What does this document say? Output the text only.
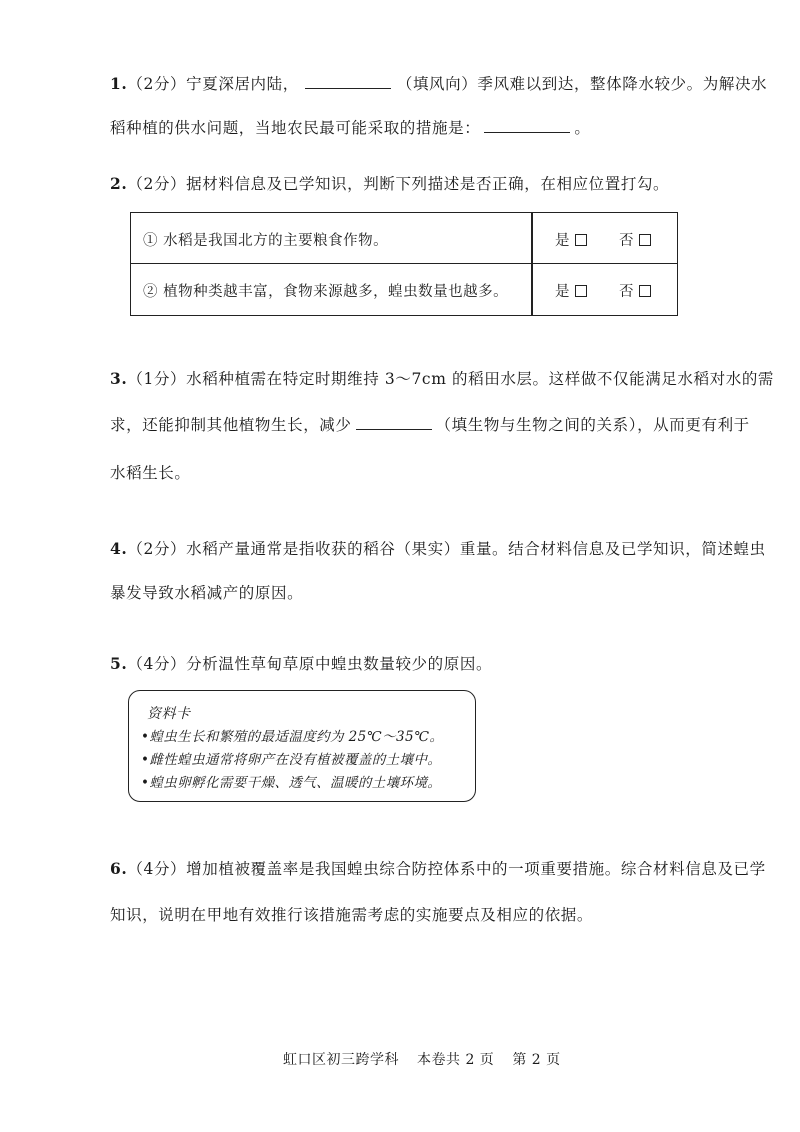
1.（2分）宁夏深居内陆，	（填风向）季风难以到达，整体降水较少。为解决水
稻种植的供水问题，当地农民最可能采取的措施是：	。
2.（2分）据材料信息及已学知识，判断下列描述是否正确，在相应位置打勾。
① 水稻是我国北方的主要粮食作物。	是	否
② 植物种类越丰富，食物来源越多，蝗虫数量也越多。	是	否
3.（1分）水稻种植需在特定时期维持 3～7cm 的稻田水层。这样做不仅能满足水稻对水的需
求，还能抑制其他植物生长，减少	（填生物与生物之间的关系），从而更有利于
水稻生长。
4.（2分）水稻产量通常是指收获的稻谷（果实）重量。结合材料信息及已学知识，简述蝗虫
暴发导致水稻减产的原因。
5.（4分）分析温性草甸草原中蝗虫数量较少的原因。
资料卡
•蝗虫生长和繁殖的最适温度约为 25℃～35℃。
•雌性蝗虫通常将卵产在没有植被覆盖的土壤中。
•蝗虫卵孵化需要干燥、透气、温暖的土壤环境。
6.（4分）增加植被覆盖率是我国蝗虫综合防控体系中的一项重要措施。综合材料信息及已学
知识，说明在甲地有效推行该措施需考虑的实施要点及相应的依据。
虹口区初三跨学科 本卷共 2 页 第 2 页
